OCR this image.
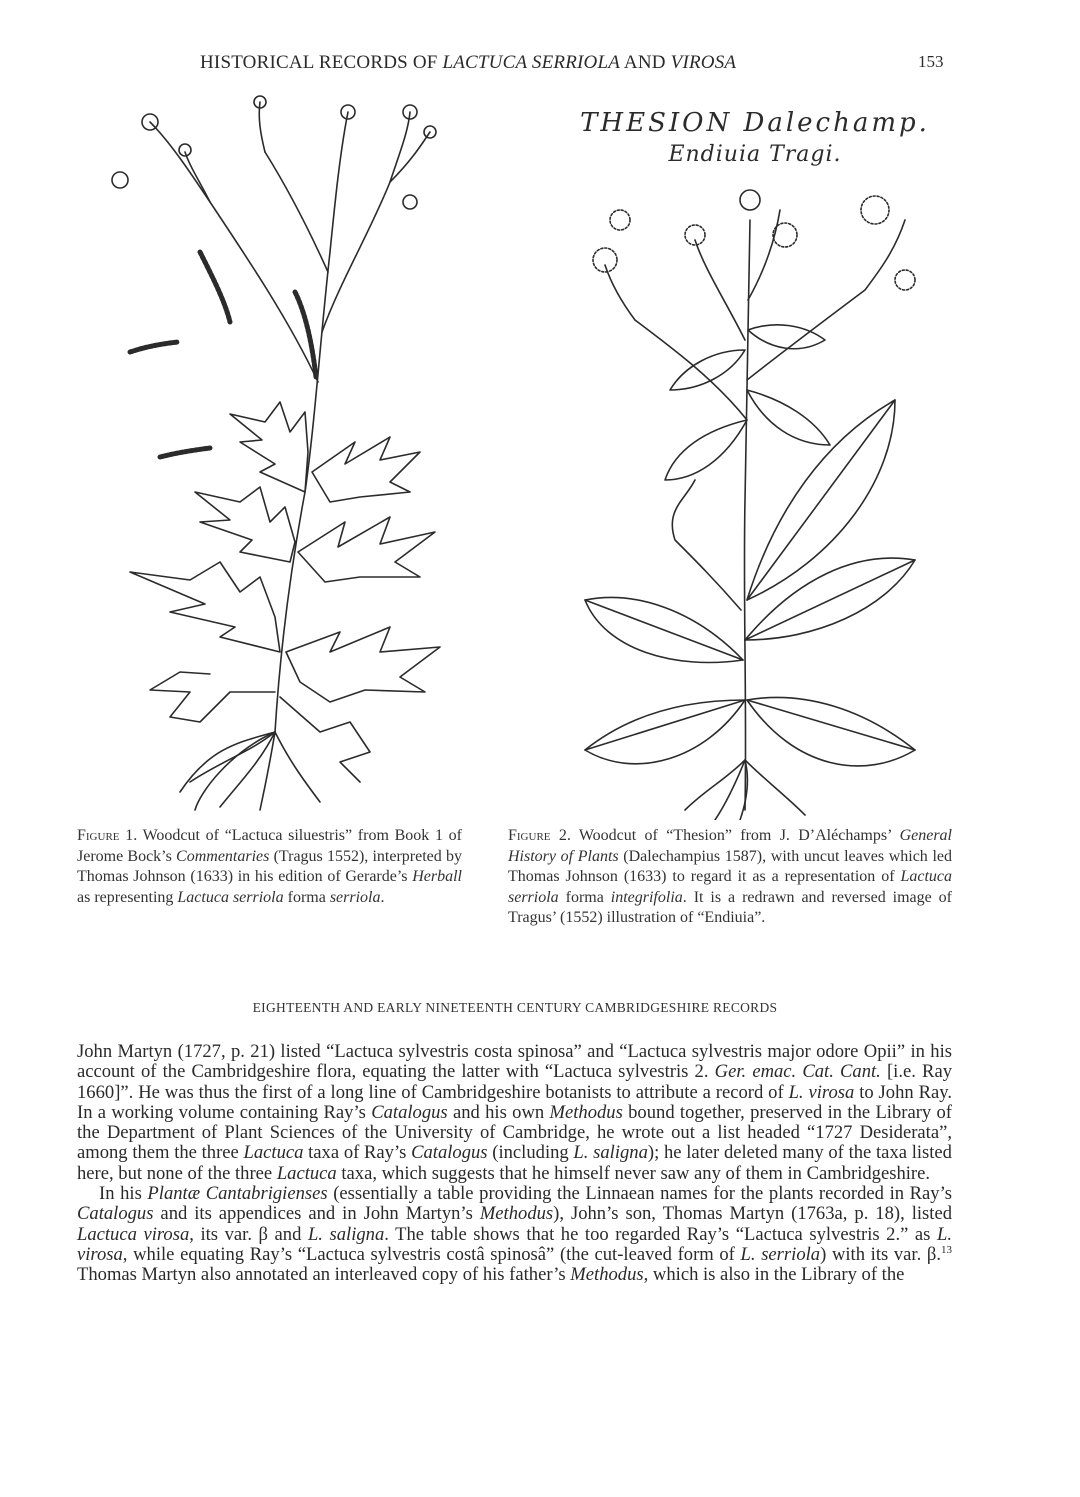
HISTORICAL RECORDS OF LACTUCA SERRIOLA AND VIROSA	153
THESION Dalechamp.
Endiuia Tragi.
Figure 1. Woodcut of “Lactuca siluestris” from Book 1 of Jerome Bock’s Commentaries (Tragus 1552), interpreted by Thomas Johnson (1633) in his edition of Gerarde’s Herball as representing Lactuca serriola forma serriola.
Figure 2. Woodcut of “Thesion” from J. D’Aléchamps’ General History of Plants (Dalechampius 1587), with uncut leaves which led Thomas Johnson (1633) to regard it as a representation of Lactuca serriola forma integrifolia. It is a redrawn and reversed image of Tragus’ (1552) illustration of “Endiuia”.
EIGHTEENTH AND EARLY NINETEENTH CENTURY CAMBRIDGESHIRE RECORDS

John Martyn (1727, p. 21) listed “Lactuca sylvestris costa spinosa” and “Lactuca sylvestris major odore Opii” in his account of the Cambridgeshire flora, equating the latter with “Lactuca sylvestris 2. Ger. emac. Cat. Cant. [i.e. Ray 1660]”. He was thus the first of a long line of Cambridgeshire botanists to attribute a record of L. virosa to John Ray. In a working volume containing Ray’s Catalogus and his own Methodus bound together, preserved in the Library of the Department of Plant Sciences of the University of Cambridge, he wrote out a list headed “1727 Desiderata”, among them the three Lactuca taxa of Ray’s Catalogus (including L. saligna); he later deleted many of the taxa listed here, but none of the three Lactuca taxa, which suggests that he himself never saw any of them in Cambridgeshire.

In his Plantæ Cantabrigienses (essentially a table providing the Linnaean names for the plants recorded in Ray’s Catalogus and its appendices and in John Martyn’s Methodus), John’s son, Thomas Martyn (1763a, p. 18), listed Lactuca virosa, its var. β and L. saligna. The table shows that he too regarded Ray’s “Lactuca sylvestris 2.” as L. virosa, while equating Ray’s “Lactuca sylvestris costâ spinosâ” (the cut-leaved form of L. serriola) with its var. β.$^{13}$ Thomas Martyn also annotated an interleaved copy of his father’s Methodus, which is also in the Library of the
